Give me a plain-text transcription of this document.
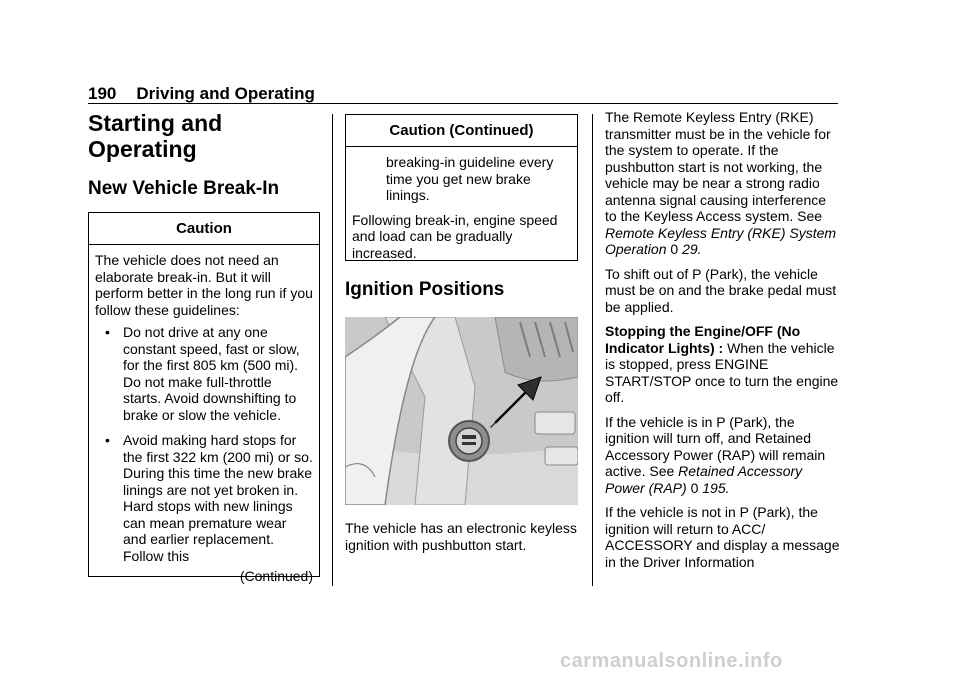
190 Driving and Operating
Starting and
Operating
New Vehicle Break-In
Caution

The vehicle does not need an elaborate break-in. But it will perform better in the long run if you follow these guidelines:

• Do not drive at any one constant speed, fast or slow, for the first 805 km (500 mi). Do not make full-throttle starts. Avoid downshifting to brake or slow the vehicle.
• Avoid making hard stops for the first 322 km (200 mi) or so. During this time the new brake linings are not yet broken in. Hard stops with new linings can mean premature wear and earlier replacement. Follow this
(Continued)
Caution (Continued)

breaking-in guideline every time you get new brake linings.

Following break-in, engine speed and load can be gradually increased.

Ignition Positions

The vehicle has an electronic keyless ignition with pushbutton start.

The Remote Keyless Entry (RKE) transmitter must be in the vehicle for the system to operate. If the pushbutton start is not working, the vehicle may be near a strong radio antenna signal causing interference to the Keyless Access system. See Remote Keyless Entry (RKE) System Operation 0 29.

To shift out of P (Park), the vehicle must be on and the brake pedal must be applied.

Stopping the Engine/OFF (No Indicator Lights) : When the vehicle is stopped, press ENGINE START/STOP once to turn the engine off.

If the vehicle is in P (Park), the ignition will turn off, and Retained Accessory Power (RAP) will remain active. See Retained Accessory Power (RAP) 0 195.

If the vehicle is not in P (Park), the ignition will return to ACC/ ACCESSORY and display a message in the Driver Information

carmanualsonline.info
